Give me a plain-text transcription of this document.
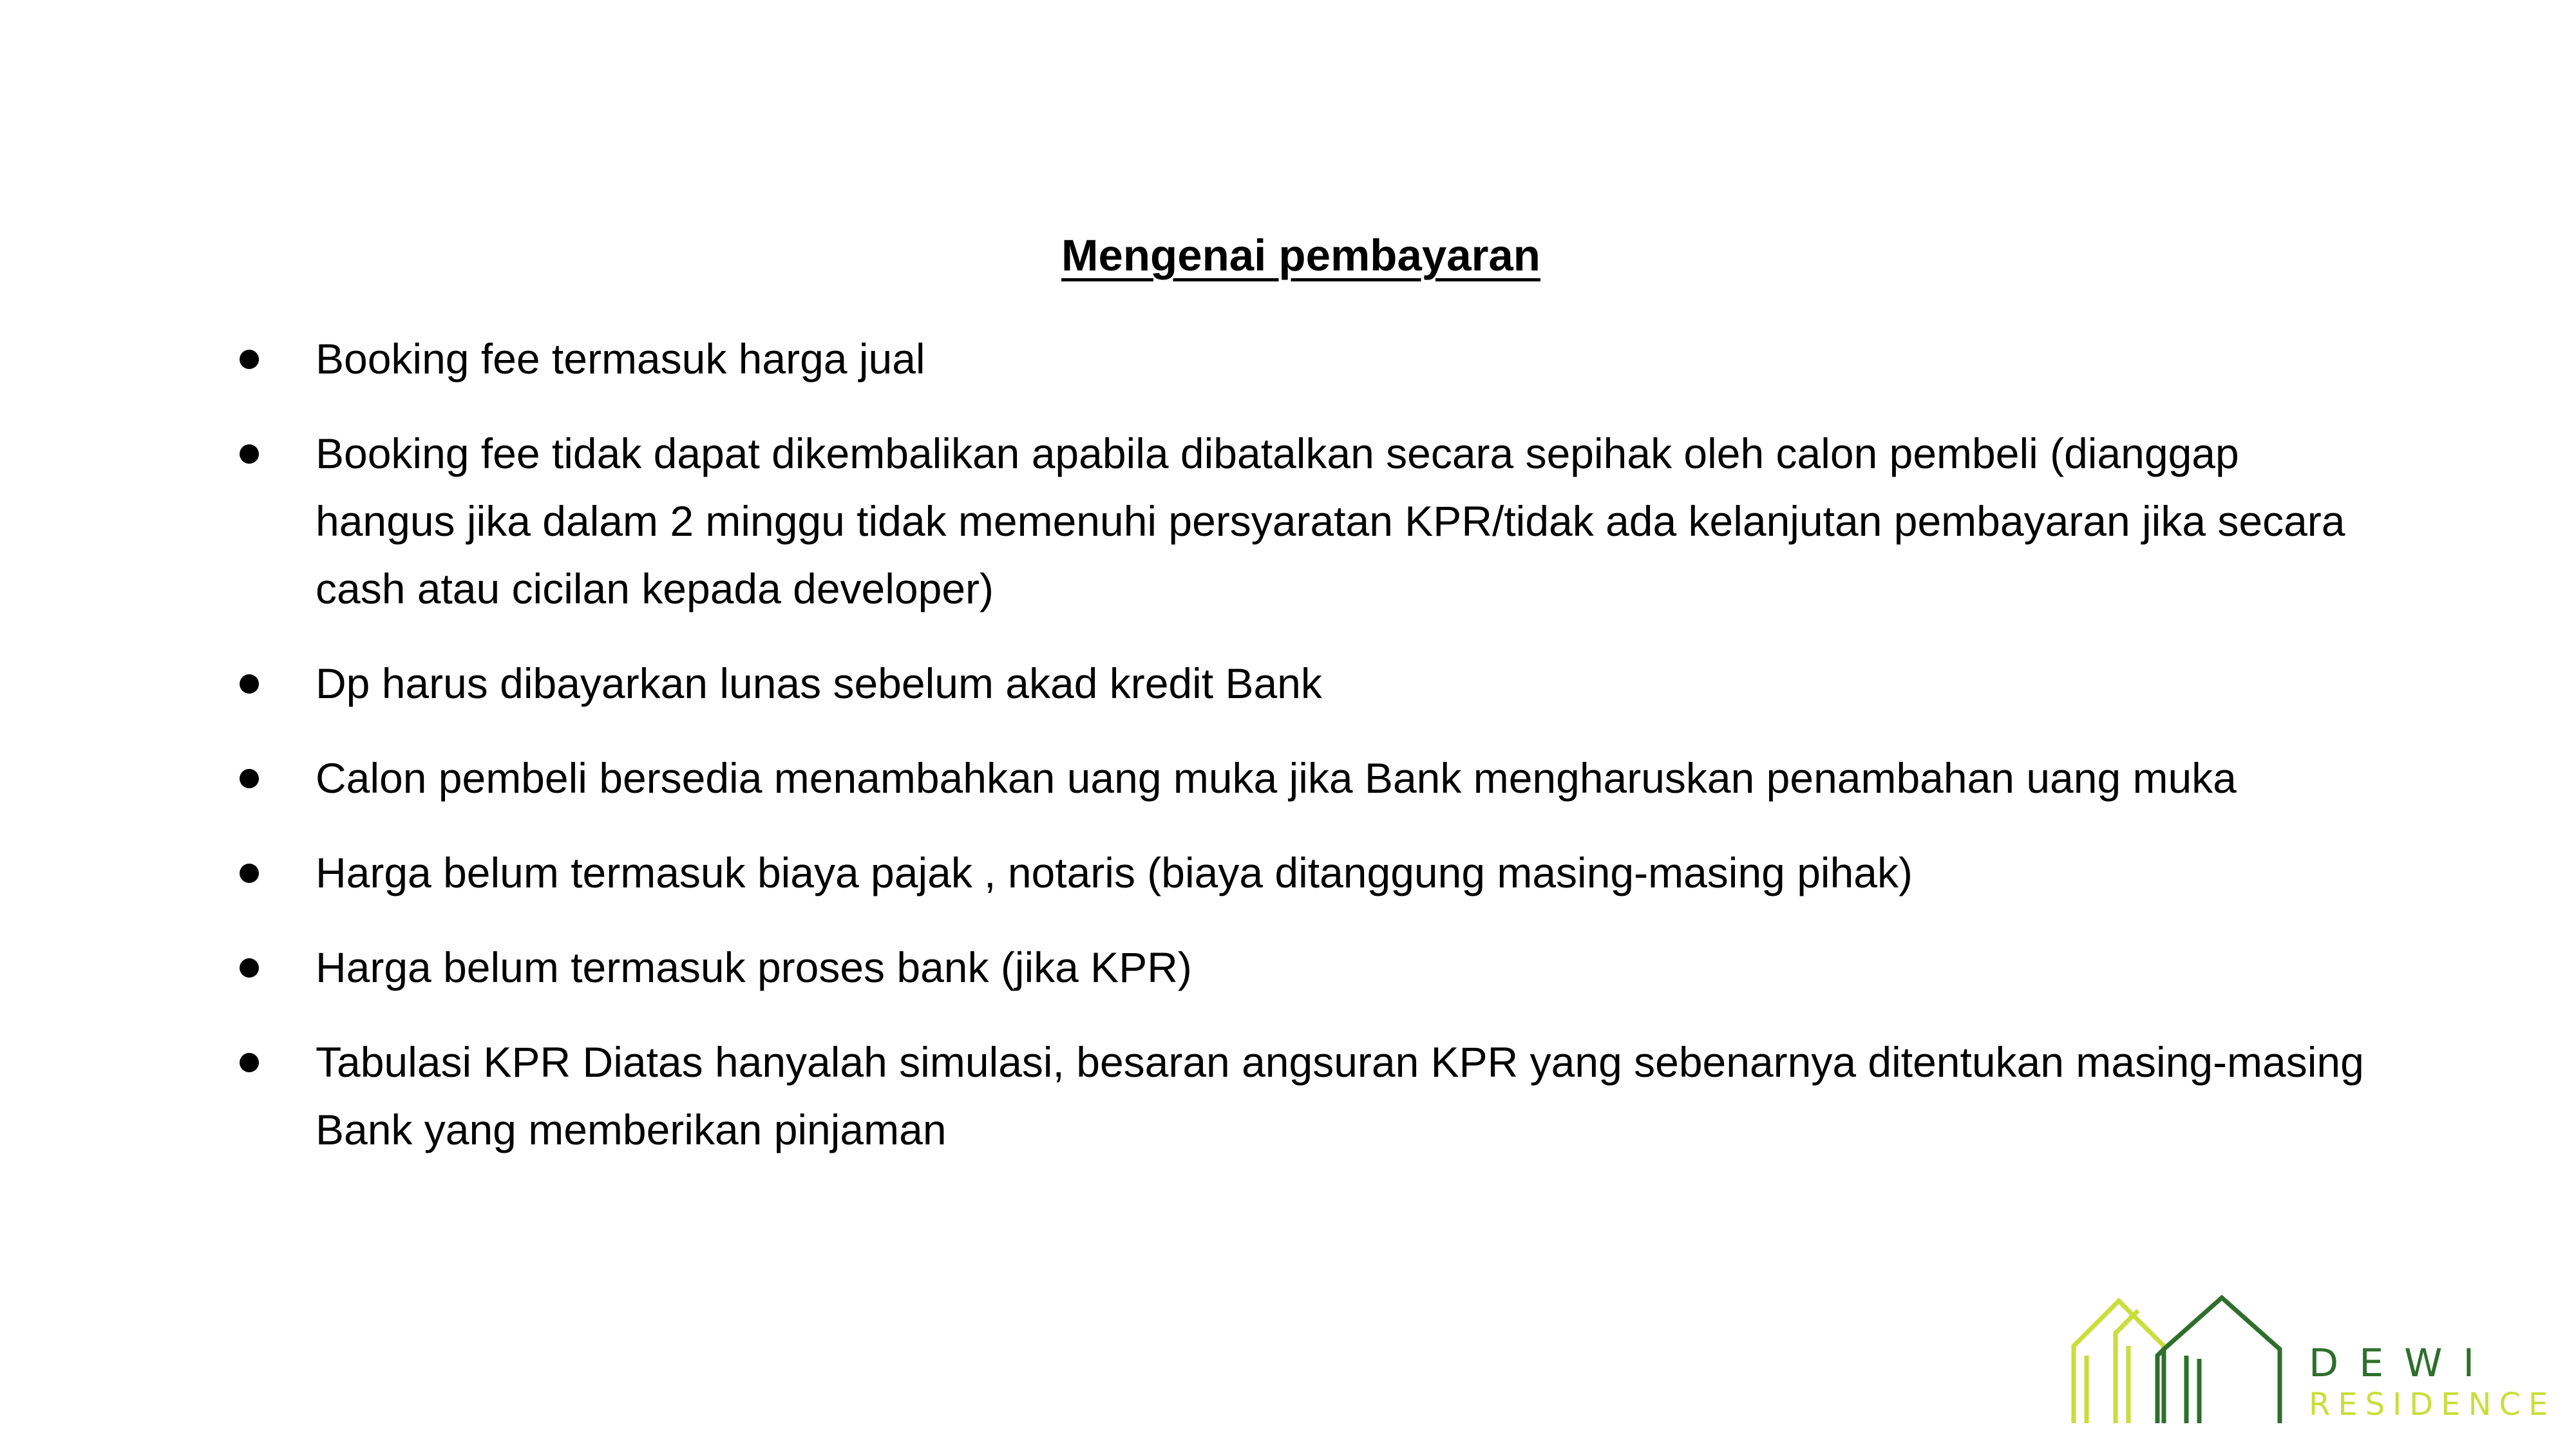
Mengenai pembayaran
Booking fee termasuk harga jual
Booking fee tidak dapat dikembalikan apabila dibatalkan secara sepihak oleh calon pembeli (dianggap hangus jika dalam 2 minggu tidak memenuhi persyaratan KPR/tidak ada kelanjutan pembayaran jika secara cash atau cicilan kepada developer)
Dp harus dibayarkan lunas sebelum akad kredit Bank
Calon pembeli bersedia menambahkan uang muka jika Bank mengharuskan penambahan uang muka
Harga belum termasuk biaya pajak , notaris (biaya ditanggung masing-masing pihak)
Harga belum termasuk proses bank (jika KPR)
Tabulasi KPR Diatas hanyalah simulasi, besaran angsuran KPR yang sebenarnya ditentukan masing-masing Bank yang memberikan pinjaman
DEWI
RESIDENCE
